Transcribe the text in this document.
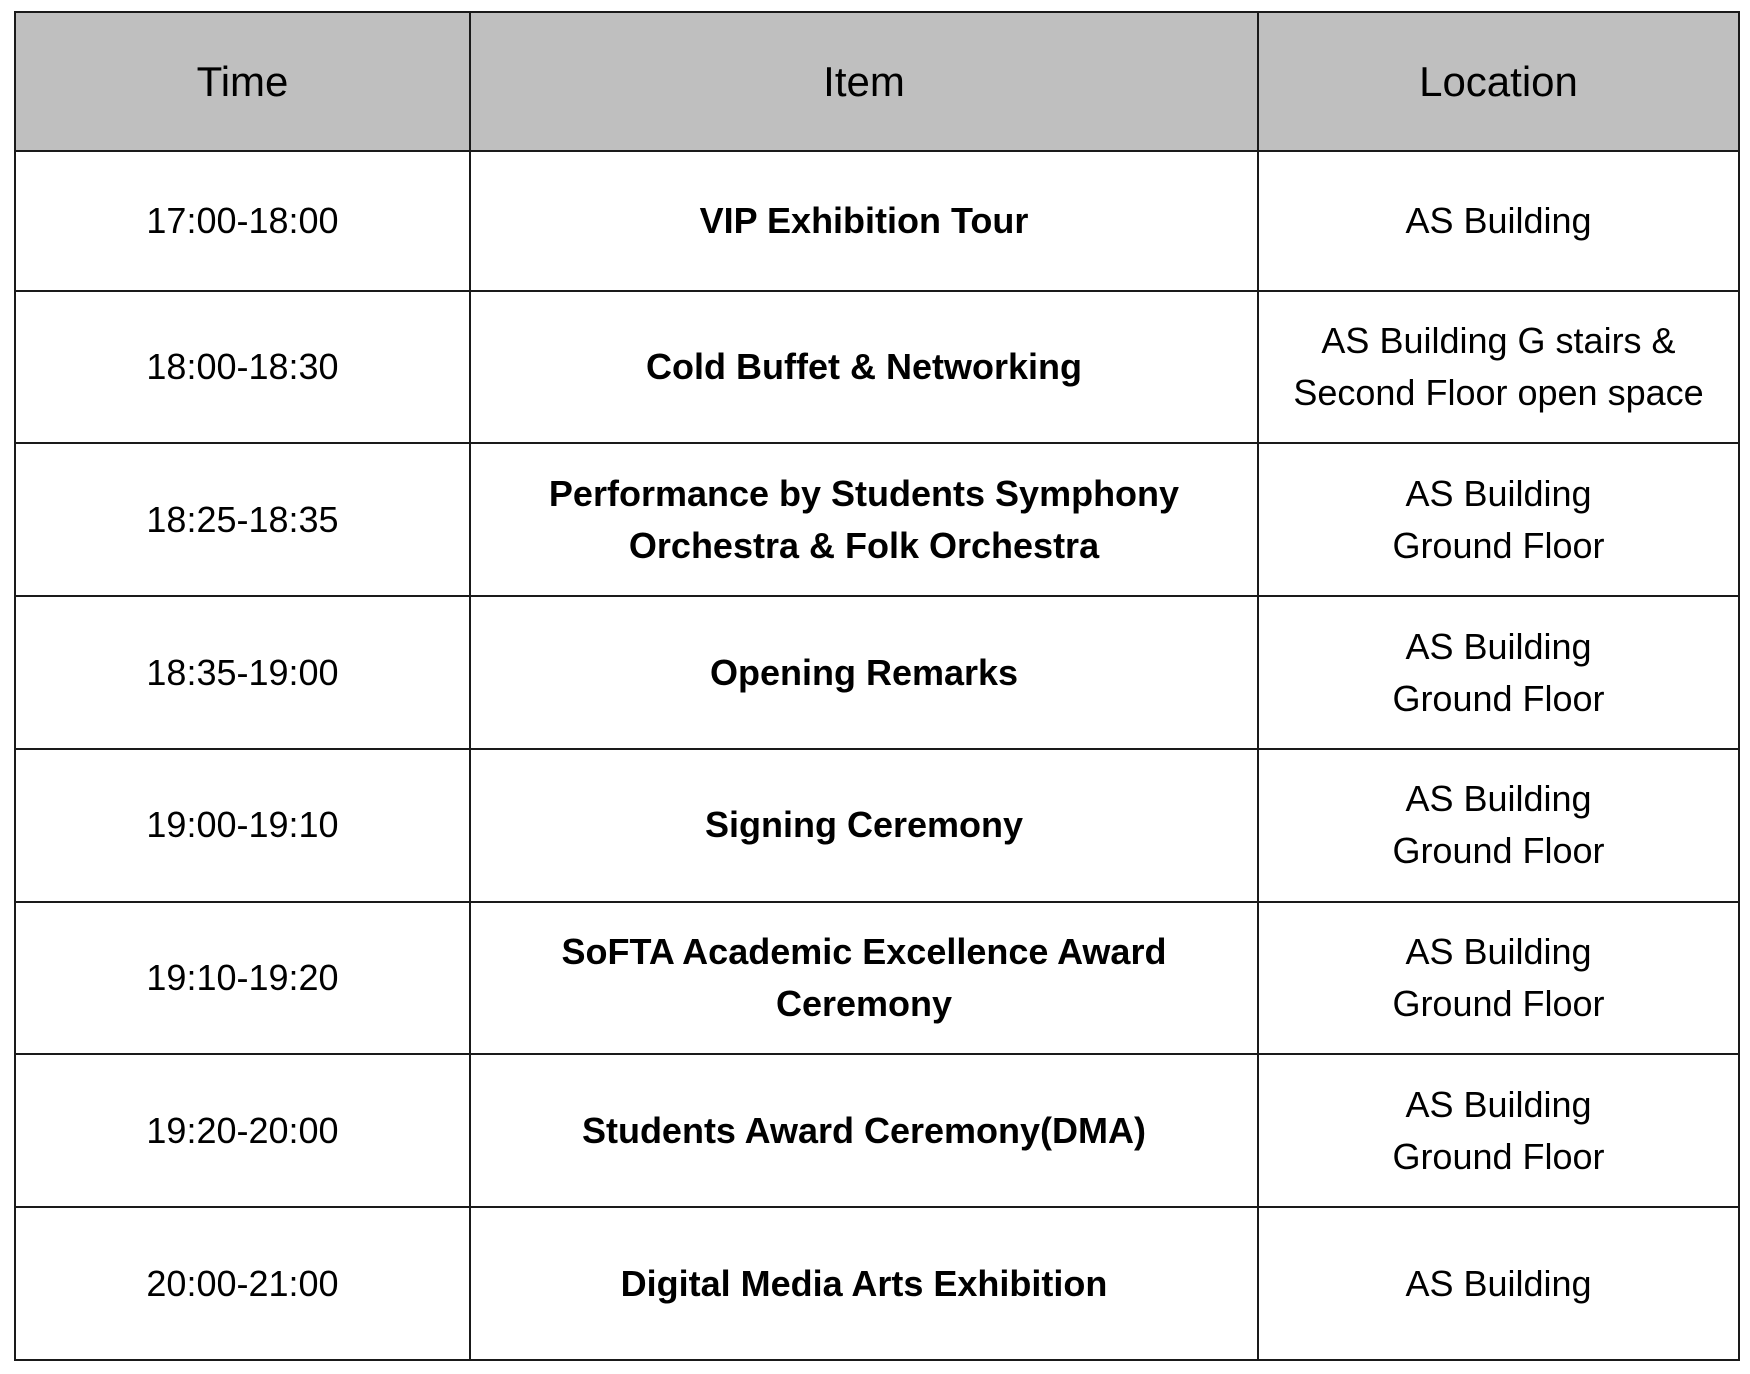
Time	Item	Location
17:00-18:00	VIP Exhibition Tour	AS Building
18:00-18:30	Cold Buffet & Networking	AS Building G stairs &
Second Floor open space
18:25-18:35	Performance by Students Symphony
Orchestra & Folk Orchestra	AS Building
Ground Floor
18:35-19:00	Opening Remarks	AS Building
Ground Floor
19:00-19:10	Signing Ceremony	AS Building
Ground Floor
19:10-19:20	SoFTA Academic Excellence Award
Ceremony	AS Building
Ground Floor
19:20-20:00	Students Award Ceremony(DMA)	AS Building
Ground Floor
20:00-21:00	Digital Media Arts Exhibition	AS Building
